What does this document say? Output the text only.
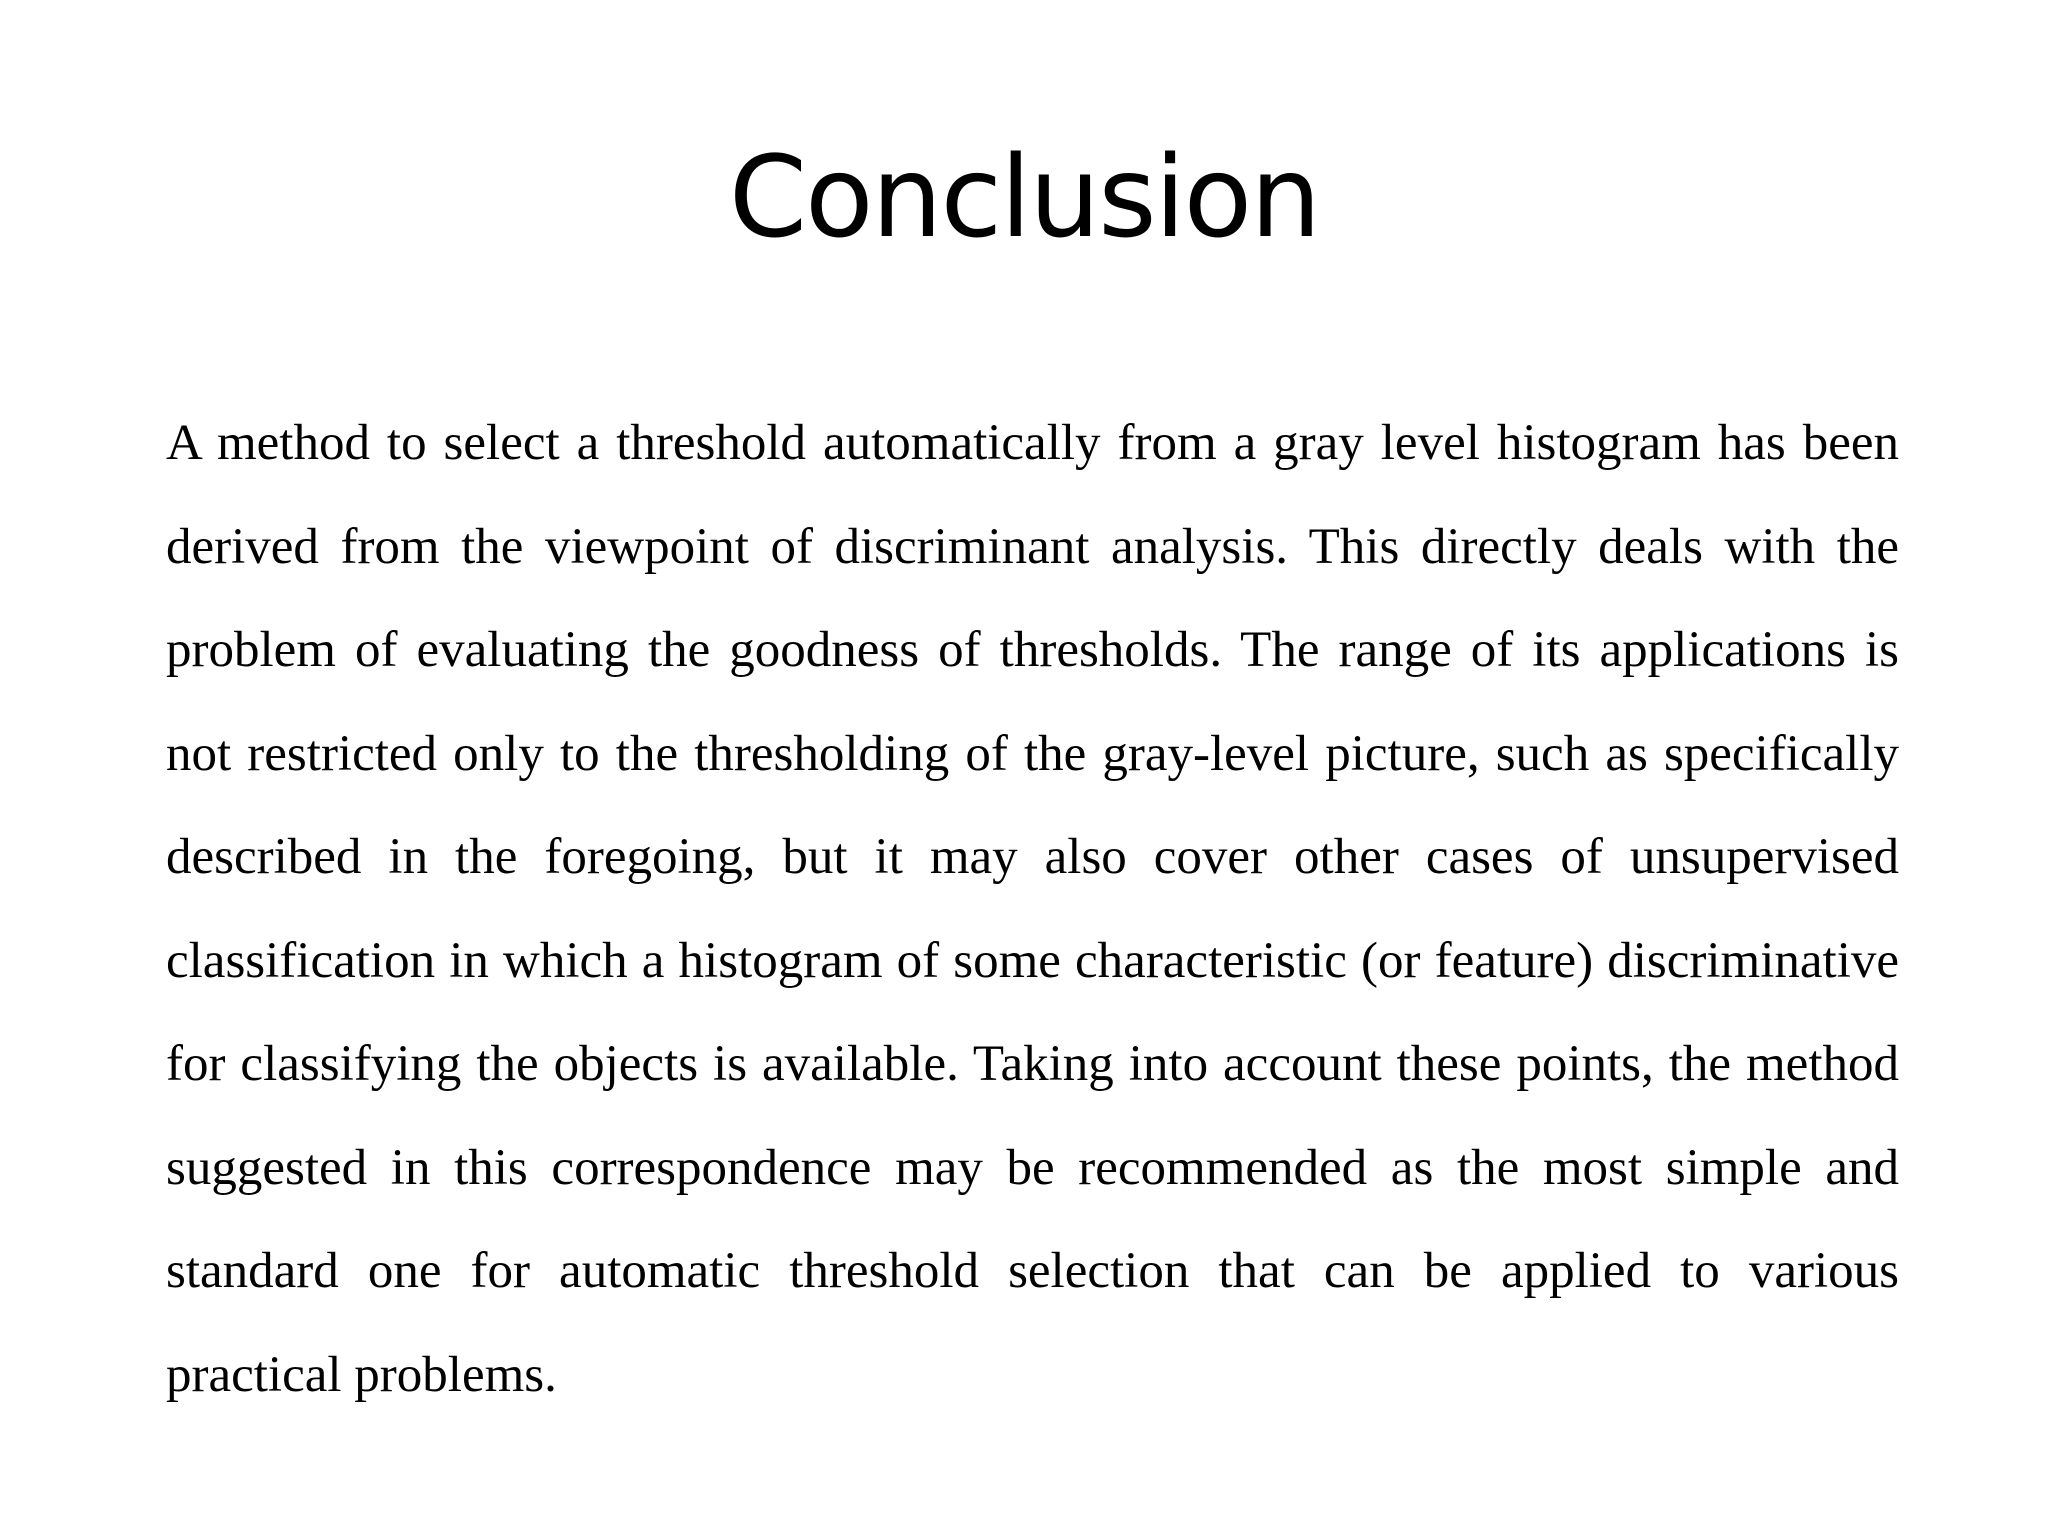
Conclusion

A method to select a threshold automatically from a gray level histogram has been derived from the viewpoint of discriminant analysis. This directly deals with the problem of evaluating the goodness of thresholds. The range of its applications is not restricted only to the thresholding of the gray-level picture, such as specifically described in the foregoing, but it may also cover other cases of unsupervised classification in which a histogram of some characteristic (or feature) discriminative for classifying the objects is available. Taking into account these points, the method suggested in this correspondence may be recommended as the most simple and standard one for automatic threshold selection that can be applied to various practical problems.
